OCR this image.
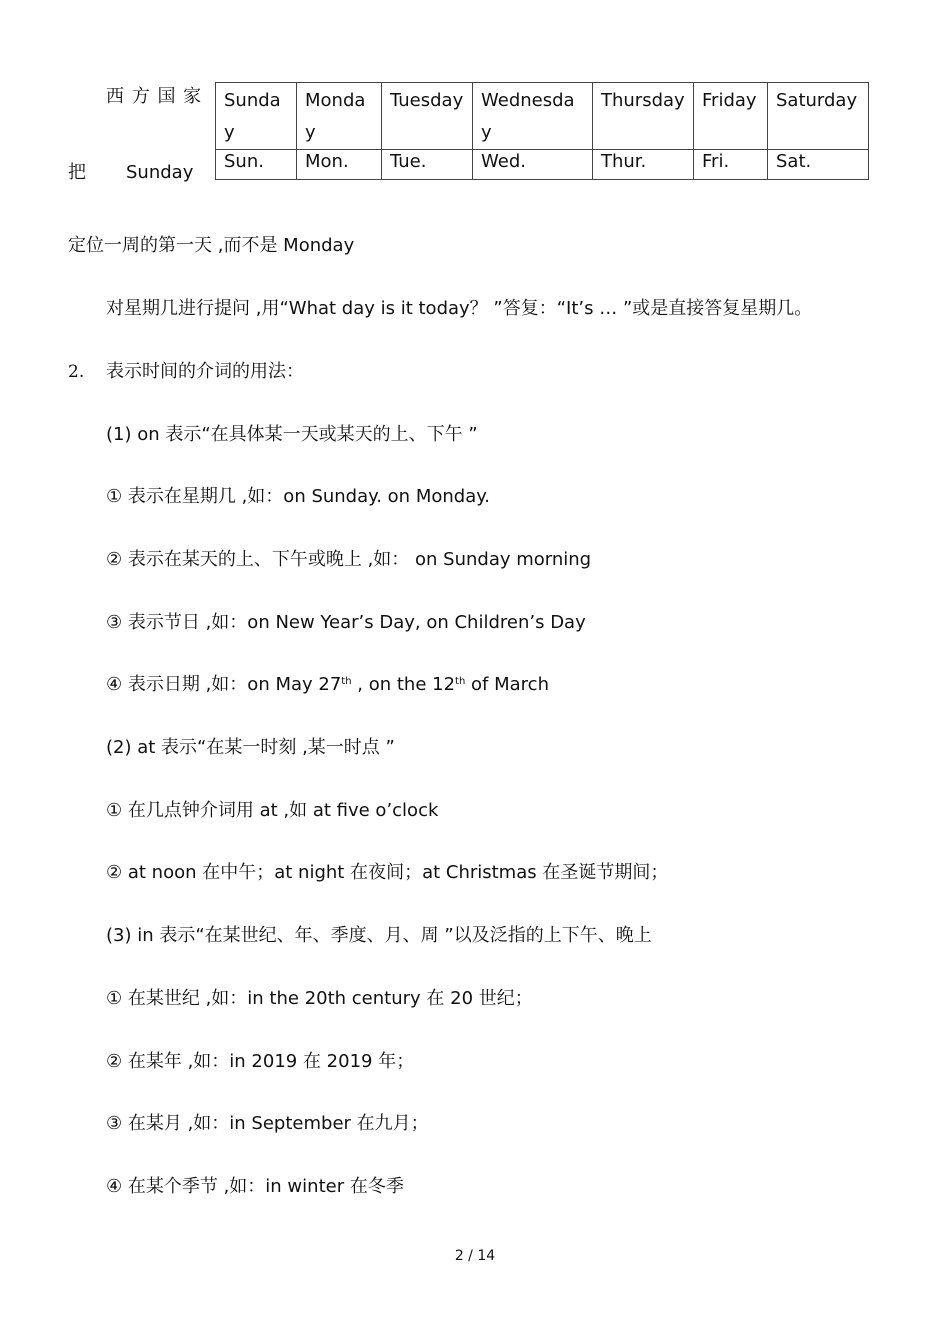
西 方 国 家
把 Sunday
Sunday	Monday	Tuesday	Wednesday	Thursday	Friday	Saturday
Sun.	Mon.	Tue.	Wed.	Thur.	Fri.	Sat.
定位一周的第一天 ,而不是 Monday
对星期几进行提问 ,用“What day is it today？ ”答复：“It’s … ”或是直接答复星期几。
2. 表示时间的介词的用法：
(1) on 表示“在具体某一天或某天的上、下午 ”
① 表示在星期几 ,如：on Sunday. on Monday.
② 表示在某天的上、下午或晚上 ,如： on Sunday morning
③ 表示节日 ,如：on New Year’s Day, on Children’s Day
④ 表示日期 ,如：on May 27th , on the 12th of March
(2) at 表示“在某一时刻 ,某一时点 ”
① 在几点钟介词用 at ,如 at five o’clock
② at noon 在中午；at night 在夜间；at Christmas 在圣诞节期间；
(3) in 表示“在某世纪、年、季度、月、周 ”以及泛指的上下午、晚上
① 在某世纪 ,如：in the 20th century 在 20 世纪；
② 在某年 ,如：in 2019 在 2019 年；
③ 在某月 ,如：in September 在九月；
④ 在某个季节 ,如：in winter 在冬季
2 / 14
